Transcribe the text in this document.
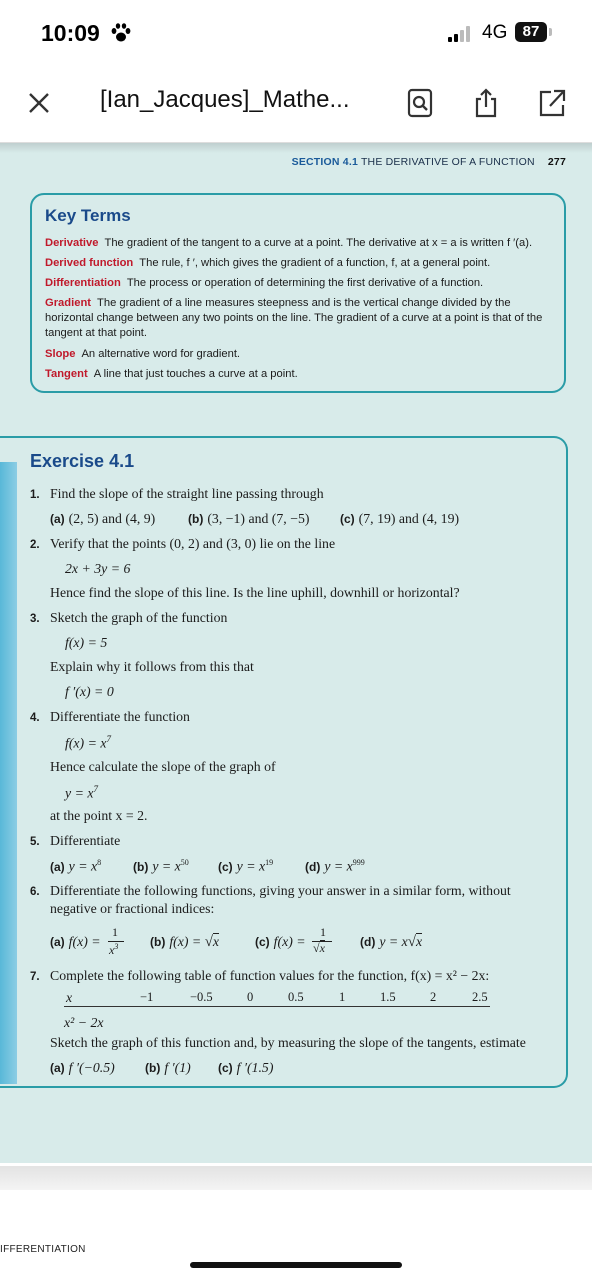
10:09	4G	87
[Ian_Jacques]_Mathe...
SECTION 4.1 THE DERIVATIVE OF A FUNCTION 277
Key Terms
Derivative The gradient of the tangent to a curve at a point. The derivative at x = a is written f ′(a).
Derived function The rule, f ′, which gives the gradient of a function, f, at a general point.
Differentiation The process or operation of determining the first derivative of a function.
Gradient The gradient of a line measures steepness and is the vertical change divided by the horizontal change between any two points on the line. The gradient of a curve at a point is that of the tangent at that point.
Slope An alternative word for gradient.
Tangent A line that just touches a curve at a point.
Exercise 4.1
1. Find the slope of the straight line passing through
(a) (2, 5) and (4, 9)	(b) (3, −1) and (7, −5)	(c) (7, 19) and (4, 19)
2. Verify that the points (0, 2) and (3, 0) lie on the line
2x + 3y = 6
Hence find the slope of this line. Is the line uphill, downhill or horizontal?
3. Sketch the graph of the function
f(x) = 5
Explain why it follows from this that
f ′(x) = 0
4. Differentiate the function
$f(x) = x^7$
Hence calculate the slope of the graph of
$y = x^7$
at the point x = 2.
5. Differentiate
(a) $y = x^8$	(b) $y = x^{50}$ (c) $y = x^{19}$	(d) $y = x^{999}$
6. Differentiate the following functions, giving your answer in a similar form, without
negative or fractional indices:
(a) f(x) =
1
$x^3$	(b) f(x) = √x	(c) f(x) =
1
√x	(d) y = x√x
7. Complete the following table of function values for the function, f(x) = x² − 2x:
x	−1	−0.5	0	0.5	1	1.5	2	2.5
x² − 2x
Sketch the graph of this function and, by measuring the slope of the tangents, estimate
(a) f ′(−0.5)	(b) f ′(1) (c) f ′(1.5)
IFFERENTIATION
